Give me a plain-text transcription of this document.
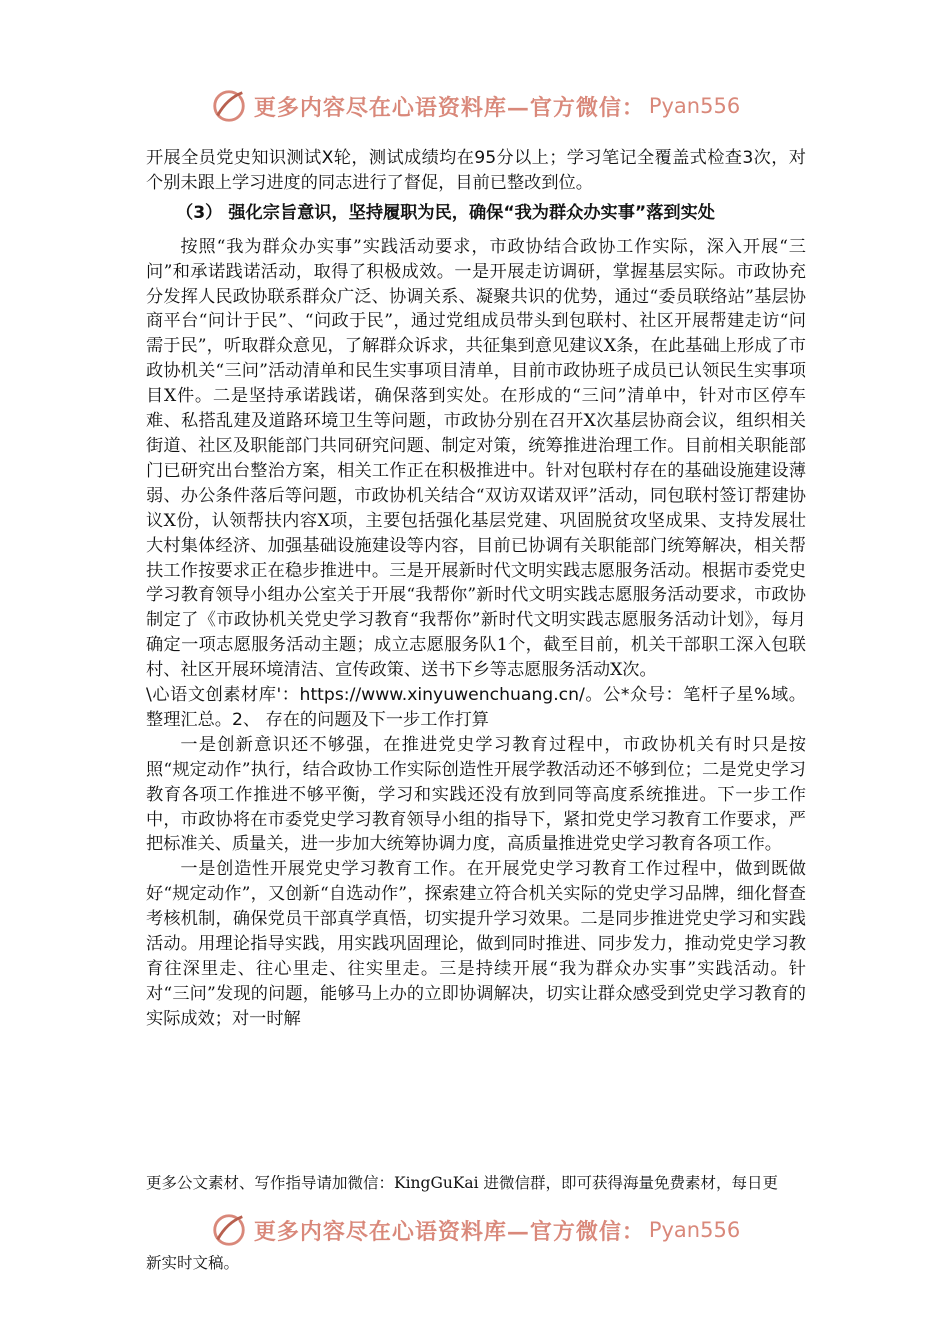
更多内容尽在心语资料库—官方微信： Pyan556

开展全员党史知识测试X轮，测试成绩均在95分以上；学习笔记全覆盖式检查3次，对个别未跟上学习进度的同志进行了督促，目前已整改到位。

（3） 强化宗旨意识，坚持履职为民，确保“我为群众办实事”落到实处

按照“我为群众办实事”实践活动要求，市政协结合政协工作实际，深入开展“三问”和承诺践诺活动，取得了积极成效。一是开展走访调研，掌握基层实际。市政协充分发挥人民政协联系群众广泛、协调关系、凝聚共识的优势，通过“委员联络站”基层协商平台“问计于民”、“问政于民”，通过党组成员带头到包联村、社区开展帮建走访“问需于民”，听取群众意见，了解群众诉求，共征集到意见建议X条，在此基础上形成了市政协机关“三问”活动清单和民生实事项目清单，目前市政协班子成员已认领民生实事项目X件。二是坚持承诺践诺，确保落到实处。在形成的“三问”清单中，针对市区停车难、私搭乱建及道路环境卫生等问题，市政协分别在召开X次基层协商会议，组织相关街道、社区及职能部门共同研究问题、制定对策，统筹推进治理工作。目前相关职能部门已研究出台整治方案，相关工作正在积极推进中。针对包联村存在的基础设施建设薄弱、办公条件落后等问题，市政协机关结合“双访双诺双评”活动，同包联村签订帮建协议X份，认领帮扶内容X项，主要包括强化基层党建、巩固脱贫攻坚成果、支持发展壮大村集体经济、加强基础设施建设等内容，目前已协调有关职能部门统筹解决，相关帮扶工作按要求正在稳步推进中。三是开展新时代文明实践志愿服务活动。根据市委党史学习教育领导小组办公室关于开展“我帮你”新时代文明实践志愿服务活动要求，市政协制定了《市政协机关党史学习教育“我帮你”新时代文明实践志愿服务活动计划》，每月确定一项志愿服务活动主题；成立志愿服务队1个，截至目前，机关干部职工深入包联村、社区开展环境清洁、宣传政策、送书下乡等志愿服务活动X次。

\心语文创素材库'：https://www.xinyuwenchuang.cn/。公*众号：笔杆子星%域。整理汇总。2、 存在的问题及下一步工作打算

一是创新意识还不够强，在推进党史学习教育过程中，市政协机关有时只是按照“规定动作”执行，结合政协工作实际创造性开展学教活动还不够到位；二是党史学习教育各项工作推进不够平衡，学习和实践还没有放到同等高度系统推进。下一步工作中，市政协将在市委党史学习教育领导小组的指导下，紧扣党史学习教育工作要求，严把标准关、质量关，进一步加大统筹协调力度，高质量推进党史学习教育各项工作。

一是创造性开展党史学习教育工作。在开展党史学习教育工作过程中，做到既做好“规定动作”，又创新“自选动作”，探索建立符合机关实际的党史学习品牌，细化督查考核机制，确保党员干部真学真悟，切实提升学习效果。二是同步推进党史学习和实践活动。用理论指导实践，用实践巩固理论，做到同时推进、同步发力，推动党史学习教育往深里走、往心里走、往实里走。三是持续开展“我为群众办实事”实践活动。针对“三问”发现的问题，能够马上办的立即协调解决，切实让群众感受到党史学习教育的实际成效；对一时解

更多公文素材、写作指导请加微信：KingGuKai 进微信群，即可获得海量免费素材，每日更
更多内容尽在心语资料库—官方微信： Pyan556
新实时文稿。
